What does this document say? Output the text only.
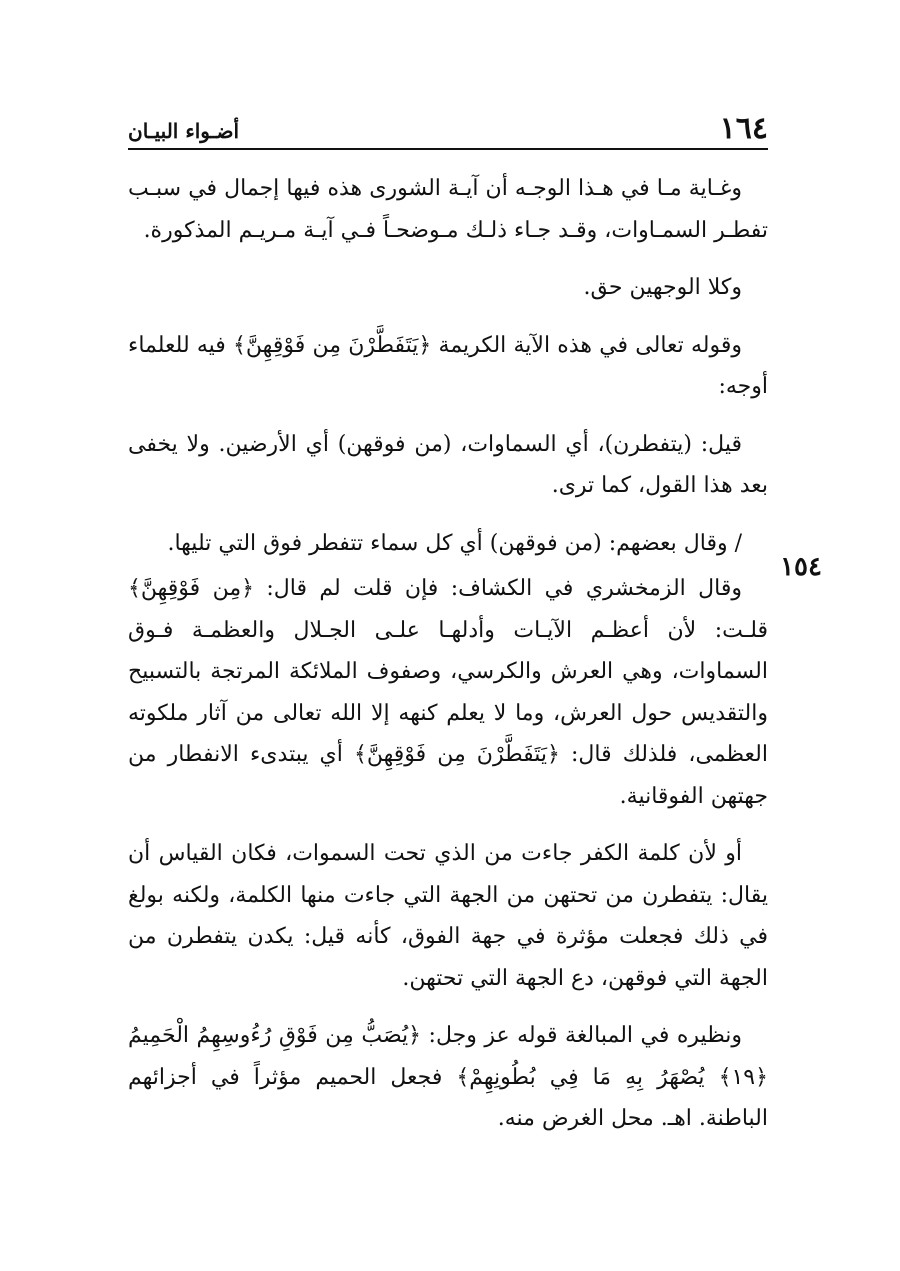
١٦٤
أضـواء البيـان
١٥٤

وغـاية مـا في هـذا الوجـه أن آيـة الشورى هذه فيها إجمال في سبـب تفطـر السمـاوات، وقـد جـاء ذلـك مـوضحـاً فـي آيـة مـريـم المذكورة.

وكلا الوجهين حق.

وقوله تعالى في هذه الآية الكريمة ﴿يَتَفَطَّرْنَ مِن فَوْقِهِنَّ﴾ فيه للعلماء أوجه:

قيل: (يتفطرن)، أي السماوات، (من فوقهن) أي الأرضين. ولا يخفى بعد هذا القول، كما ترى.

/ وقال بعضهم: (من فوقهن) أي كل سماء تتفطر فوق التي تليها.

وقال الزمخشري في الكشاف: فإن قلت لم قال: ﴿مِن فَوْقِهِنَّ﴾ قلـت: لأن أعظـم الآيـات وأدلهـا علـى الجـلال والعظمـة فـوق السماوات، وهي العرش والكرسي، وصفوف الملائكة المرتجة بالتسبيح والتقديس حول العرش، وما لا يعلم كنهه إلا الله تعالى من آثار ملكوته العظمى، فلذلك قال: ﴿يَتَفَطَّرْنَ مِن فَوْقِهِنَّ﴾ أي يبتدىء الانفطار من جهتهن الفوقانية.

أو لأن كلمة الكفر جاءت من الذي تحت السموات، فكان القياس أن يقال: يتفطرن من تحتهن من الجهة التي جاءت منها الكلمة، ولكنه بولغ في ذلك فجعلت مؤثرة في جهة الفوق، كأنه قيل: يكدن يتفطرن من الجهة التي فوقهن، دع الجهة التي تحتهن.

ونظيره في المبالغة قوله عز وجل: ﴿يُصَبُّ مِن فَوْقِ رُءُوسِهِمُ الْحَمِيمُ ﴿١٩﴾ يُصْهَرُ بِهِ مَا فِي بُطُونِهِمْ﴾ فجعل الحميم مؤثراً في أجزائهم الباطنة. اهـ. محل الغرض منه.
